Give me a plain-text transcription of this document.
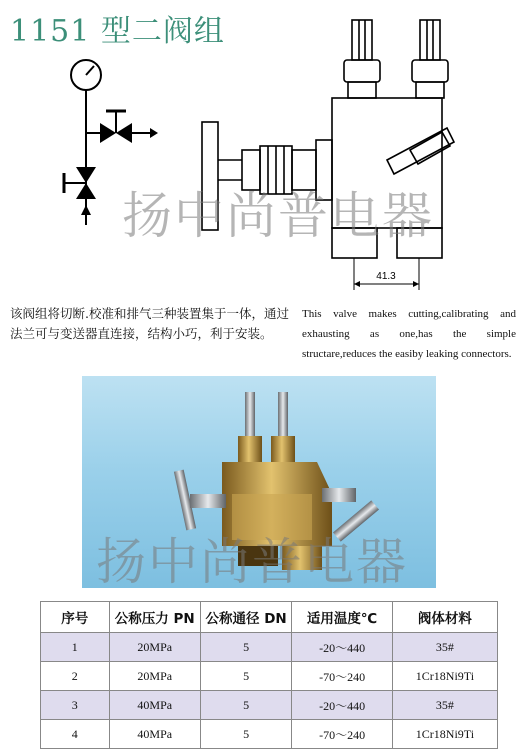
1151 型二阀组
41.3
扬中尚普电器
该阀组将切断.校准和排气三种装置集于一体，通过法兰可与变送器直连接，结构小巧，利于安装。
This valve makes cutting,calibrating and exhausting as one,has the simple structare,reduces the easiby leaking connectors.
扬中尚普电器
序号	公称压力 PN	公称通径 DN	适用温度℃	阀体材料
1	20MPa	5	-20～440	35#
2	20MPa	5	-70～240	1Cr18Ni9Ti
3	40MPa	5	-20～440	35#
4	40MPa	5	-70～240	1Cr18Ni9Ti
